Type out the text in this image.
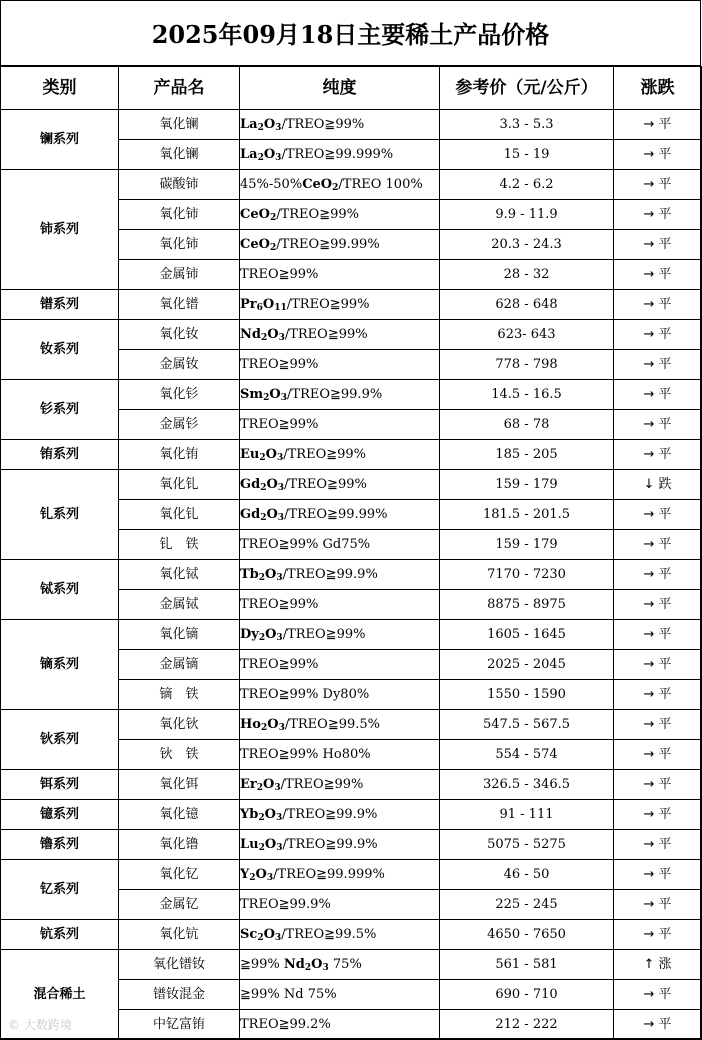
2025年09月18日主要稀土产品价格
类别	产品名	纯度	参考价（元/公斤）	涨跌
镧系列	氧化镧	$La_2O_3/TREO≧99\%$	3.3 - 5.3	→ 平
	氧化镧	$La_2O_3/TREO≧99.999\%$	15 - 19	→ 平
铈系列	碳酸铈	45%-50%CeO$_2$/TREO 100%	4.2 - 6.2	→ 平
	氧化铈	CeO$_2$/TREO≧99%	9.9 - 11.9	→ 平
	氧化铈	CeO$_2$/TREO≧99.99%	20.3 - 24.3	→ 平
	金属铈	TREO≧99%	28 - 32	→ 平
镨系列	氧化镨	$Pr_6O_{11}/TREO≧99\%$	628 - 648	→ 平
钕系列	氧化钕	$Nd_2O_3/TREO≧99\%$	623- 643	→ 平
	金属钕	TREO≧99%	778 - 798	→ 平
钐系列	氧化钐	$Sm_2O_3/TREO≧99.9\%$	14.5 - 16.5	→ 平
	金属钐	TREO≧99%	68 - 78	→ 平
铕系列	氧化铕	$Eu_2O_3/TREO≧99\%$	185 - 205	→ 平
钆系列	氧化钆	$Gd_2O_3/TREO≧99\%$	159 - 179	↓ 跌
	氧化钆	$Gd_2O_3/TREO≧99.99\%$	181.5 - 201.5	→ 平
	钆　铁	TREO≧99% Gd75%	159 - 179	→ 平
铽系列	氧化铽	$Tb_2O_3/TREO≧99.9\%$	7170 - 7230	→ 平
	金属铽	TREO≧99%	8875 - 8975	→ 平
镝系列	氧化镝	$Dy_2O_3/TREO≧99\%$	1605 - 1645	→ 平
	金属镝	TREO≧99%	2025 - 2045	→ 平
	镝　铁	TREO≧99% Dy80%	1550 - 1590	→ 平
钬系列	氧化钬	$Ho_2O_3/TREO≧99.5\%$	547.5 - 567.5	→ 平
	钬　铁	TREO≧99% Ho80%	554 - 574	→ 平
铒系列	氧化铒	$Er_2O_3/TREO≧99\%$	326.5 - 346.5	→ 平
镱系列	氧化镱	$Yb_2O_3/TREO≧99.9\%$	91 - 111	→ 平
镥系列	氧化镥	$Lu_2O_3/TREO≧99.9\%$	5075 - 5275	→ 平
钇系列	氧化钇	$Y_2O_3/TREO≧99.999\%$	46 - 50	→ 平
	金属钇	TREO≧99.9%	225 - 245	→ 平
钪系列	氧化钪	$Sc_2O_3/TREO≧99.5\%$	4650 - 7650	→ 平
混合稀土	氧化镨钕	≧99% $Nd_2O_3$ 75%	561 - 581	↑ 涨
	镨钕混金	≧99% Nd 75%	690 - 710	→ 平
	中钇富铕	TREO≧99.2%	212 - 222	→ 平
© 大数跨境
